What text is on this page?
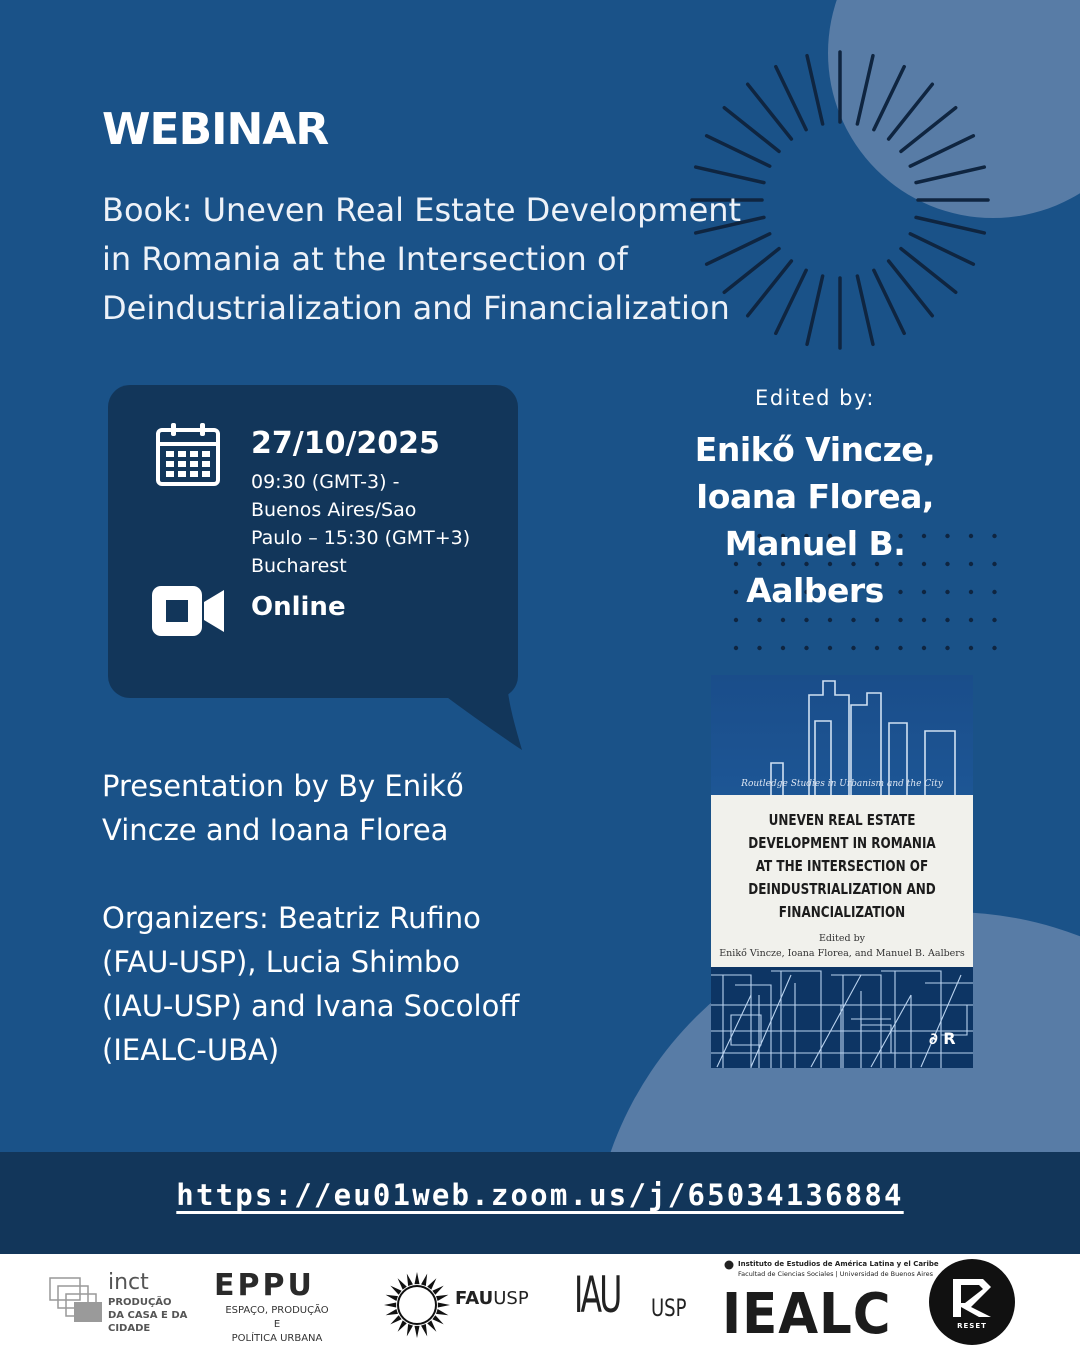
WEBINAR
Book: Uneven Real Estate Development
in Romania at the Intersection of
Deindustrialization and Financialization
27/10/2025
09:30 (GMT-3) -
Buenos Aires/Sao
Paulo – 15:30 (GMT+3)
Bucharest
Online
Edited by:
Enikő Vincze,
Ioana Florea,
Manuel B.
Aalbers
Routledge Studies in Urbanism and the City
UNEVEN REAL ESTATE
DEVELOPMENT IN ROMANIA
AT THE INTERSECTION OF
DEINDUSTRIALIZATION AND
FINANCIALIZATION
Edited by
Enikő Vincze, Ioana Florea, and Manuel B. Aalbers
∂ R
Presentation by By Enikő
Vincze and Ioana Florea
Organizers: Beatriz Rufino
(FAU-USP), Lucia Shimbo
(IAU-USP) and Ivana Socoloff
(IEALC-UBA)
https://eu01web.zoom.us/j/65034136884
inct
PRODUÇÃO
DA CASA E DA
CIDADE
EPPU
ESPAÇO, PRODUÇÃO E
POLÍTICA URBANA
FAUUSP IAU USP
Instituto de Estudios de América Latina y el Caribe
Facultad de Ciencias Sociales | Universidad de Buenos Aires
IEALC	RESET
